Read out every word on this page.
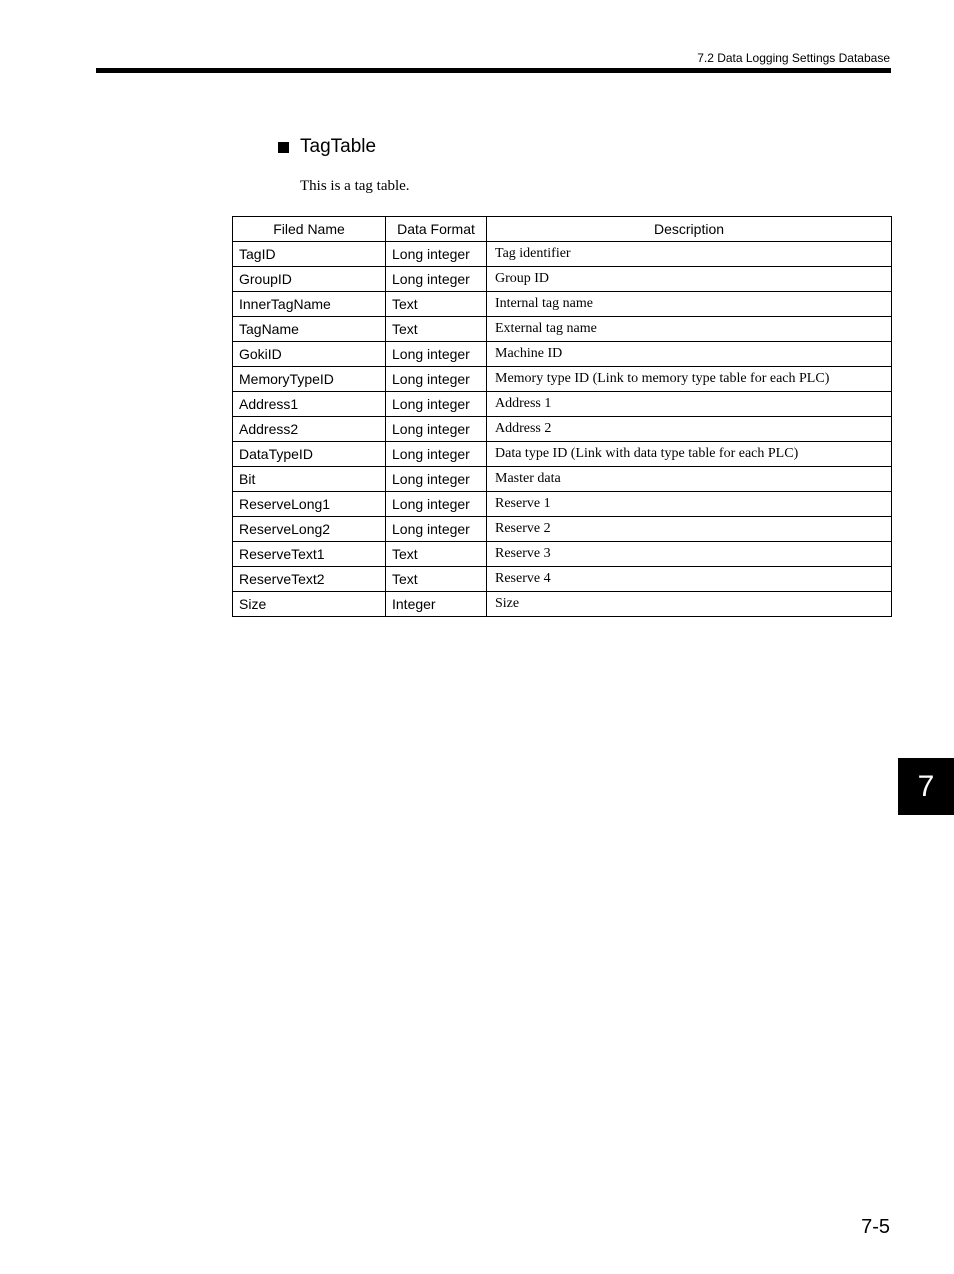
7.2 Data Logging Settings Database
TagTable
This is a tag table.
Filed Name	Data Format	Description
TagID	Long integer	Tag identifier
GroupID	Long integer	Group ID
InnerTagName	Text	Internal tag name
TagName	Text	External tag name
GokiID	Long integer	Machine ID
MemoryTypeID	Long integer	Memory type ID (Link to memory type table for each PLC)
Address1	Long integer	Address 1
Address2	Long integer	Address 2
DataTypeID	Long integer	Data type ID (Link with data type table for each PLC)
Bit	Long integer	Master data
ReserveLong1	Long integer	Reserve 1
ReserveLong2	Long integer	Reserve 2
ReserveText1	Text	Reserve 3
ReserveText2	Text	Reserve 4
Size	Integer	Size
7
7-5
